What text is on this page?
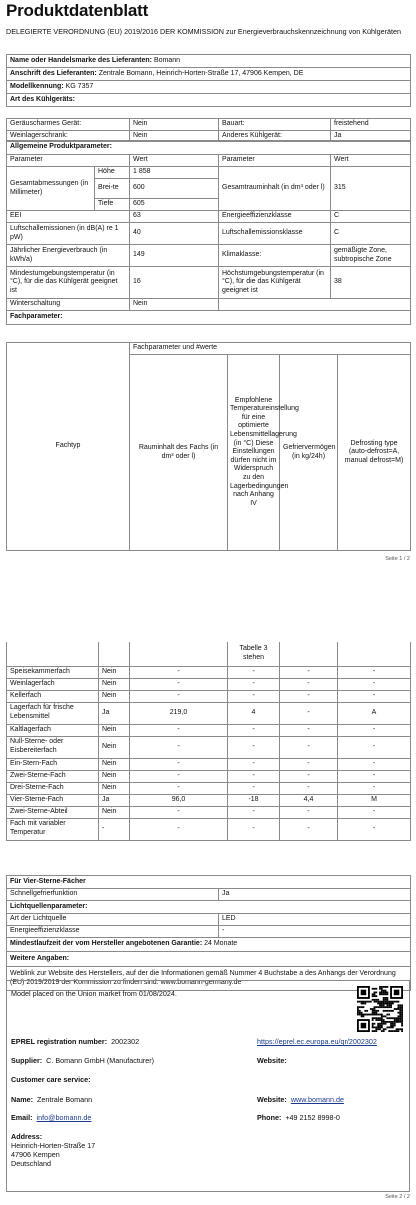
Produktdatenblatt
DELEGIERTE VERORDNUNG (EU) 2019/2016 DER KOMMISSION zur Energieverbrauchskennzeichnung von Kühlgeräten
Name oder Handelsmarke des Lieferanten: Bomann
Anschrift des Lieferanten: Zentrale Bomann, Heinrich-Horten-Straße 17, 47906 Kempen, DE
Modellkennung: KG 7357
Art des Kühlgeräts:
Geräuscharmes Gerät:	Nein	Bauart:	freistehend
Weinlagerschrank:	Nein	Anderes Kühlgerät:	Ja
Allgemeine Produktparameter:				
Parameter		Wert	Parameter	Wert
Gesamtabmessungen (in Millimeter)	Höhe	1 858	Gesamtrauminhalt (in dm³ oder l)	315
	Brei-te	600		
	Tiefe	605		
EEI		63	Energieeffizienzklasse	C
Luftschallemissionen (in dB(A) re 1 pW)		40	Luftschallemissionsklasse	C
Jährlicher Energieverbrauch (in kWh/a)		149	Klimaklasse:	gemäßigte Zone, subtropische Zone
Mindestumgebungstemperatur (in °C), für die das Kühlgerät geeignet ist		16	Höchstumgebungstemperatur (in °C), für die das Kühlgerät geeignet ist	38
Winterschaltung		Nein		
Fachparameter:				
Fachtyp	Fachparameter und #werte			
	Rauminhalt des Fachs (in dm³ oder l)	Empfohlene Temperatureinstellung für eine optimierte Lebensmittellagerung (in °C) Diese Einstellungen dürfen nicht im Widerspruch zu den Lagerbedingungen nach Anhang IV	Gefriervermögen (in kg/24h)	Defrosting type (auto-defrost=A, manual defrost=M)
Seite 1 / 2
			Tabelle 3 stehen		
Speisekammerfach	Nein	-	-	-	-
Weinlagerfach	Nein	-	-	-	-
Kellerfach	Nein	-	-	-	-
Lagerfach für frische Lebensmittel	Ja	219,0	4	-	A
Kaltlagerfach	Nein	-	-	-	-
Null-Sterne- oder Eisbereiterfach	Nein	-	-	-	-
Ein-Stern-Fach	Nein	-	-	-	-
Zwei-Sterne-Fach	Nein	-	-	-	-
Drei-Sterne-Fach	Nein	-	-	-	-
Vier-Sterne-Fach	Ja	96,0	-18	4,4	M
Zwei-Sterne-Abteil	Nein	-	-	-	-
Fach mit variabler Temperatur	-	-	-	-	-
Für Vier-Sterne-Fächer	
Schnellgefrierfunktion	Ja
Lichtquellenparameter:	
Art der Lichtquelle	LED
Energieeffizienzklasse	-
Mindestlaufzeit der vom Hersteller angebotenen Garantie: 24 Monate	
Weitere Angaben:	
Weblink zur Website des Herstellers, auf der die Informationen gemäß Nummer 4 Buchstabe a des Anhangs der Verordnung (EU) 2019/2019 der Kommission zu finden sind: www.bomann-germany.de	
Model placed on the Union market from 01/08/2024.
EPREL registration number: 2002302	https://eprel.ec.europa.eu/qr/2002302
Supplier: C. Bomann GmbH (Manufacturer)	Website:
Customer care service:
Name: Zentrale Bomann	Website: www.bomann.de
Email: info@bomann.de	Phone: +49 2152 8998-0
Address:
Heinrich-Horten-Straße 17
47906 Kempen
Deutschland
Seite 2 / 2
